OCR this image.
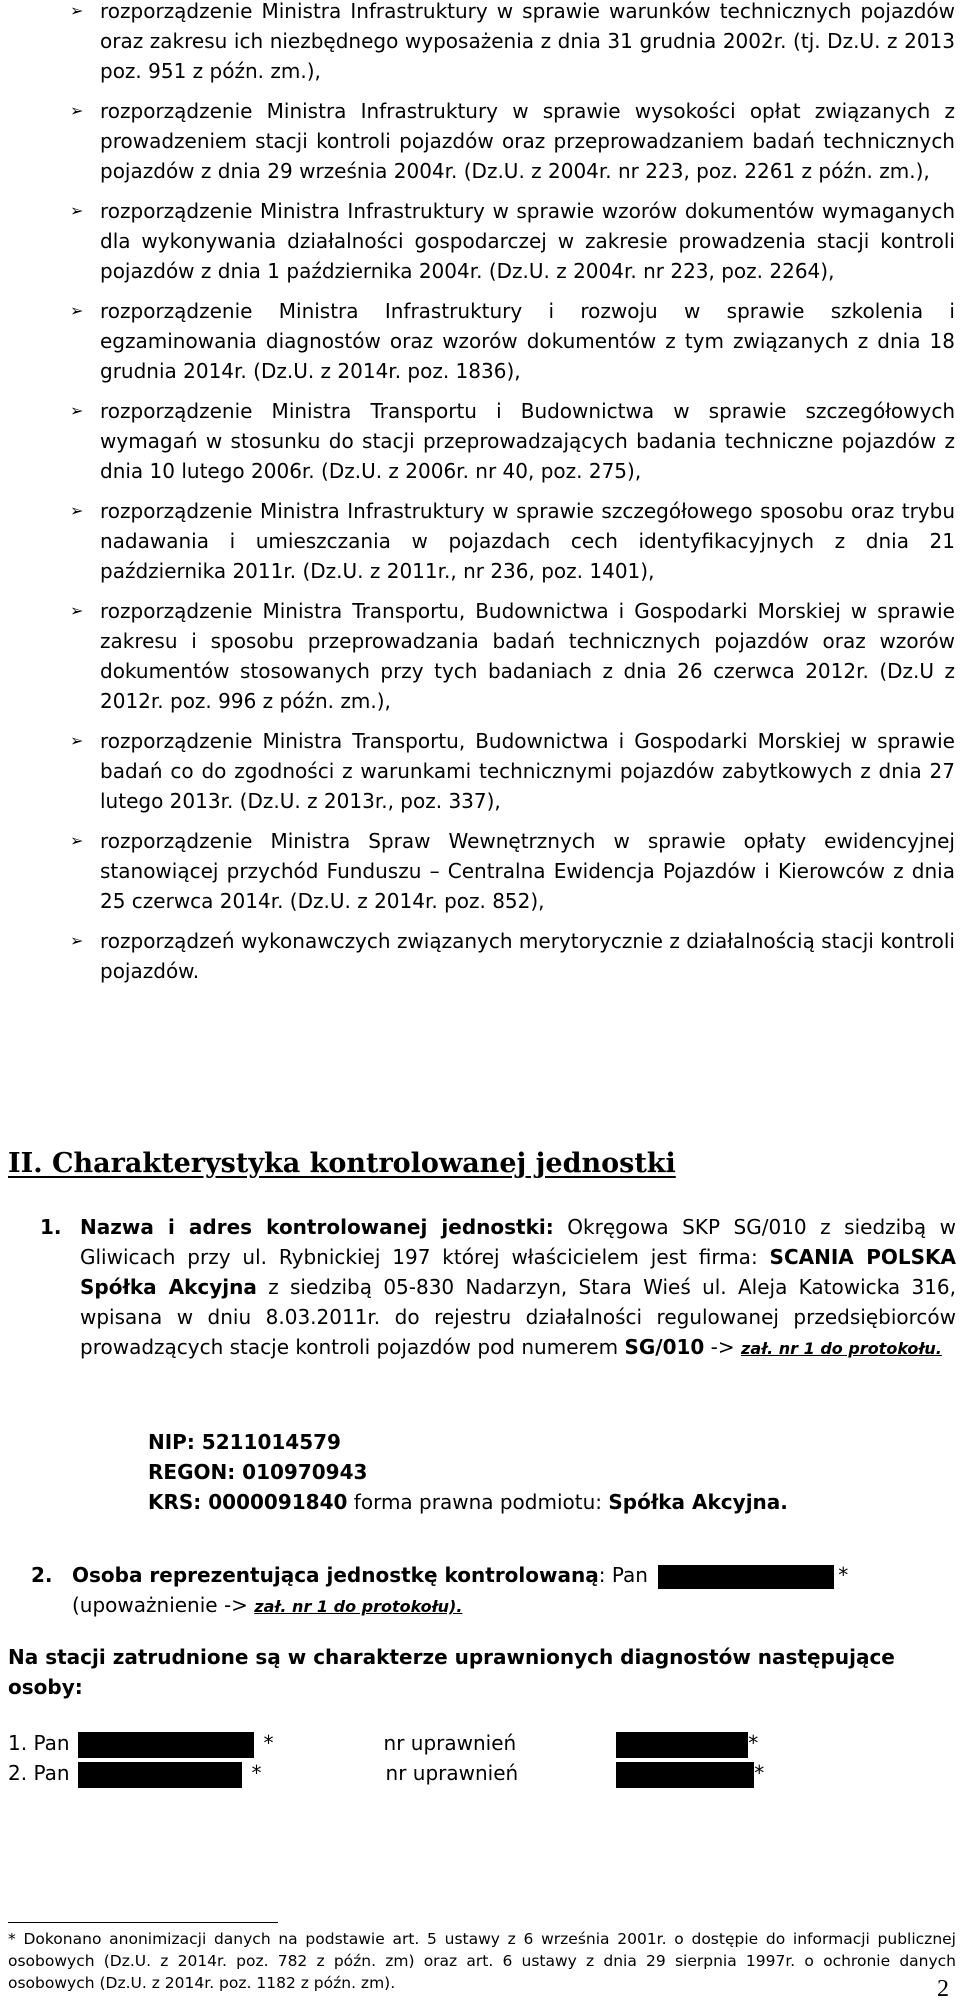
➢ rozporządzenie Ministra Infrastruktury w sprawie warunków technicznych pojazdów oraz zakresu ich niezbędnego wyposażenia z dnia 31 grudnia 2002r. (tj. Dz.U. z 2013 poz. 951 z późn. zm.),
➢ rozporządzenie Ministra Infrastruktury w sprawie wysokości opłat związanych z prowadzeniem stacji kontroli pojazdów oraz przeprowadzaniem badań technicznych pojazdów z dnia 29 września 2004r. (Dz.U. z 2004r. nr 223, poz. 2261 z późn. zm.),
➢ rozporządzenie Ministra Infrastruktury w sprawie wzorów dokumentów wymaganych dla wykonywania działalności gospodarczej w zakresie prowadzenia stacji kontroli pojazdów z dnia 1 października 2004r. (Dz.U. z 2004r. nr 223, poz. 2264),
➢ rozporządzenie Ministra Infrastruktury i rozwoju w sprawie szkolenia i egzaminowania diagnostów oraz wzorów dokumentów z tym związanych z dnia 18 grudnia 2014r. (Dz.U. z 2014r. poz. 1836),
➢ rozporządzenie Ministra Transportu i Budownictwa w sprawie szczegółowych wymagań w stosunku do stacji przeprowadzających badania techniczne pojazdów z dnia 10 lutego 2006r. (Dz.U. z 2006r. nr 40, poz. 275),
➢ rozporządzenie Ministra Infrastruktury w sprawie szczegółowego sposobu oraz trybu nadawania i umieszczania w pojazdach cech identyfikacyjnych z dnia 21 października 2011r. (Dz.U. z 2011r., nr 236, poz. 1401),
➢ rozporządzenie Ministra Transportu, Budownictwa i Gospodarki Morskiej w sprawie zakresu i sposobu przeprowadzania badań technicznych pojazdów oraz wzorów dokumentów stosowanych przy tych badaniach z dnia 26 czerwca 2012r. (Dz.U z 2012r. poz. 996 z późn. zm.),
➢ rozporządzenie Ministra Transportu, Budownictwa i Gospodarki Morskiej w sprawie badań co do zgodności z warunkami technicznymi pojazdów zabytkowych z dnia 27 lutego 2013r. (Dz.U. z 2013r., poz. 337),
➢ rozporządzenie Ministra Spraw Wewnętrznych w sprawie opłaty ewidencyjnej stanowiącej przychód Funduszu – Centralna Ewidencja Pojazdów i Kierowców z dnia 25 czerwca 2014r. (Dz.U. z 2014r. poz. 852),
➢ rozporządzeń wykonawczych związanych merytorycznie z działalnością stacji kontroli pojazdów.
II. Charakterystyka kontrolowanej jednostki
1. Nazwa i adres kontrolowanej jednostki: Okręgowa SKP SG/010 z siedzibą w Gliwicach przy ul. Rybnickiej 197 której właścicielem jest firma: SCANIA POLSKA Spółka Akcyjna z siedzibą 05-830 Nadarzyn, Stara Wieś ul. Aleja Katowicka 316, wpisana w dniu 8.03.2011r. do rejestru działalności regulowanej przedsiębiorców prowadzących stacje kontroli pojazdów pod numerem SG/010 -> zał. nr 1 do protokołu.
NIP: 5211014579
REGON: 010970943
KRS: 0000091840 forma prawna podmiotu: Spółka Akcyjna.
2. Osoba reprezentująca jednostkę kontrolowaną: Pan	*
(upoważnienie -> zał. nr 1 do protokołu).
Na stacji zatrudnione są w charakterze uprawnionych diagnostów następujące osoby:
1. Pan	*	nr uprawnień	*
2. Pan	*	nr uprawnień	*
* Dokonano anonimizacji danych na podstawie art. 5 ustawy z 6 września 2001r. o dostępie do informacji publicznej osobowych (Dz.U. z 2014r. poz. 782 z późn. zm) oraz art. 6 ustawy z dnia 29 sierpnia 1997r. o ochronie danych osobowych (Dz.U. z 2014r. poz. 1182 z późn. zm).	2
